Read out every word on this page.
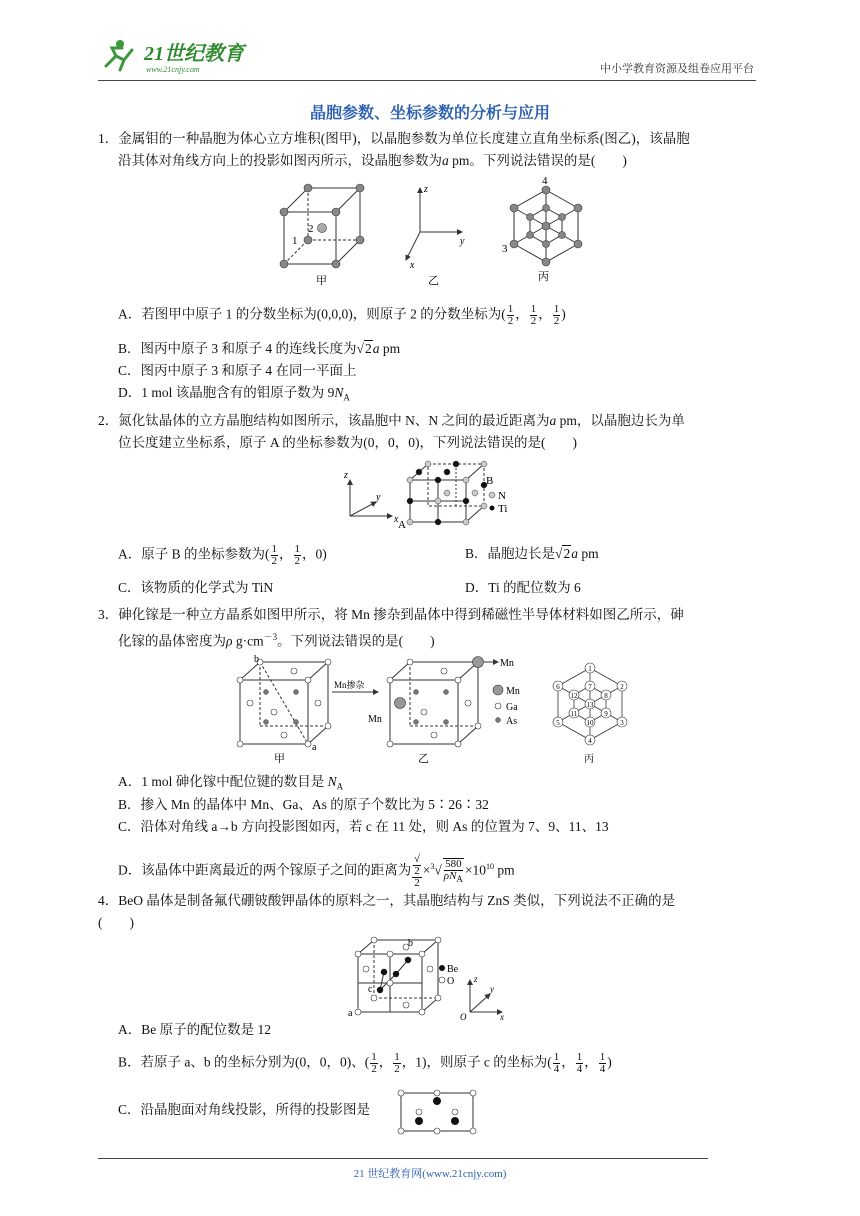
21世纪教育
www.21cnjy.com	中小学教育资源及组卷应用平台
晶胞参数、坐标参数的分析与应用
1．金属钼的一种晶胞为体心立方堆积(图甲)，以晶胞参数为单位长度建立直角坐标系(图乙)，该晶胞
沿其体对角线方向上的投影如图丙所示，设晶胞参数为a pm。下列说法错误的是(　　)
1
2
甲
z
y
x
乙
4
3
丙
A．若图甲中原子 1 的分数坐标为(0,0,0)，则原子 2 的分数坐标为( $\frac{1}{2}$ ， $\frac{1}{2}$ ， $\frac{1}{2}$ )
B．图丙中原子 3 和原子 4 的连线长度为√2a pm
C．图丙中原子 3 和原子 4 在同一平面上
D．1 mol 该晶胞含有的钼原子数为 $9N_A$
2．氮化钛晶体的立方晶胞结构如图所示，该晶胞中 N、N 之间的最近距离为a pm，以晶胞边长为单
位长度建立坐标系，原子 A 的坐标参数为(0，0，0)，下列说法错误的是(　　)
z
y
x A
B
N
Ti
A．原子 B 的坐标参数为( $\frac{1}{2}$ ， $\frac{1}{2}$ ，0)	B．晶胞边长是√2a pm
C．该物质的化学式为 TiN	D．Ti 的配位数为 6
3．砷化镓是一种立方晶系如图甲所示，将 Mn 掺杂到晶体中得到稀磁性半导体材料如图乙所示，砷
化镓的晶体密度为ρ $g\cdot cm^{-3}$。下列说法错误的是(　　)
b
a
甲
Mn掺杂
Mn
Mn
乙
Mn
Ga
As
1
2
3
4
5
6	7
8
9
10
11
12
13
丙
A．1 mol 砷化镓中配位键的数目是 $N_A$
B．掺入 Mn 的晶体中 Mn、Ga、As 的原子个数比为 5∶26∶32
C．沿体对角线 a→b 方向投影图如丙，若 c 在 11 处，则 As 的位置为 7、9、11、13
D．该晶体中距离最近的两个镓原子之间的距离为 √
2
$2 \times^3√ \frac{580}{\rho N_A} \times 10^{10}$ pm
4．BeO 晶体是制备氟代硼铍酸钾晶体的原料之一，其晶胞结构与 ZnS 类似，下列说法不正确的是
(　　)
a
b
c
Be
O z
y
x
O
A．Be 原子的配位数是 12
B．若原子 a、b 的坐标分别为(0，0，0)、( $\frac{1}{2}$ ， $\frac{1}{2}$ ，1)，则原子 c 的坐标为( $\frac{1}{4}$ ， $\frac{1}{4}$ ， $\frac{1}{4}$ )
C．沿晶胞面对角线投影，所得的投影图是
21 世纪教育网(www.21cnjy.com)
